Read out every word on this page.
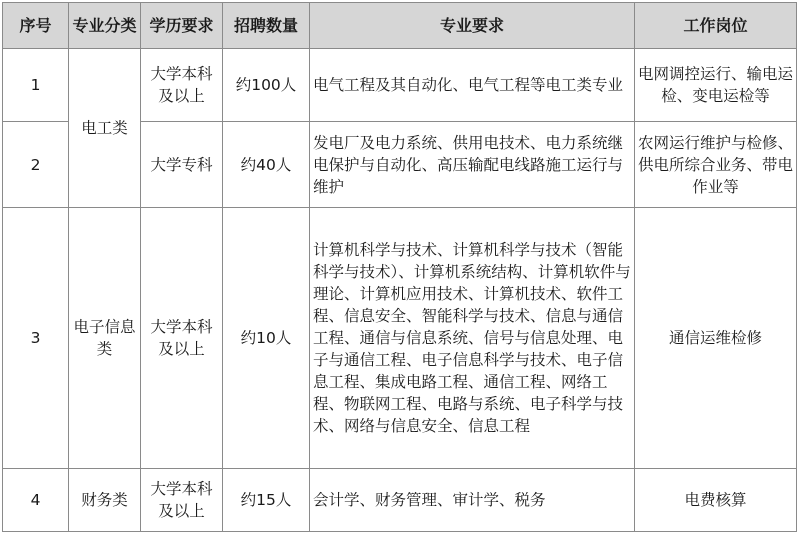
序号	专业分类	学历要求	招聘数量	专业要求	工作岗位
1	电工类	大学本科及以上	约100人	电气工程及其自动化、电气工程等电工类专业	电网调控运行、输电运检、变电运检等
2		大学专科	约40人	发电厂及电力系统、供用电技术、电力系统继电保护与自动化、高压输配电线路施工运行与维护	农网运行维护与检修、供电所综合业务、带电作业等
3	电子信息类	大学本科及以上	约10人	计算机科学与技术、计算机科学与技术（智能科学与技术）、计算机系统结构、计算机软件与理论、计算机应用技术、计算机技术、软件工程、信息安全、智能科学与技术、信息与通信工程、通信与信息系统、信号与信息处理、电子与通信工程、电子信息科学与技术、电子信息工程、集成电路工程、通信工程、网络工程、物联网工程、电路与系统、电子科学与技术、网络与信息安全、信息工程	通信运维检修
4	财务类	大学本科及以上	约15人	会计学、财务管理、审计学、税务	电费核算
